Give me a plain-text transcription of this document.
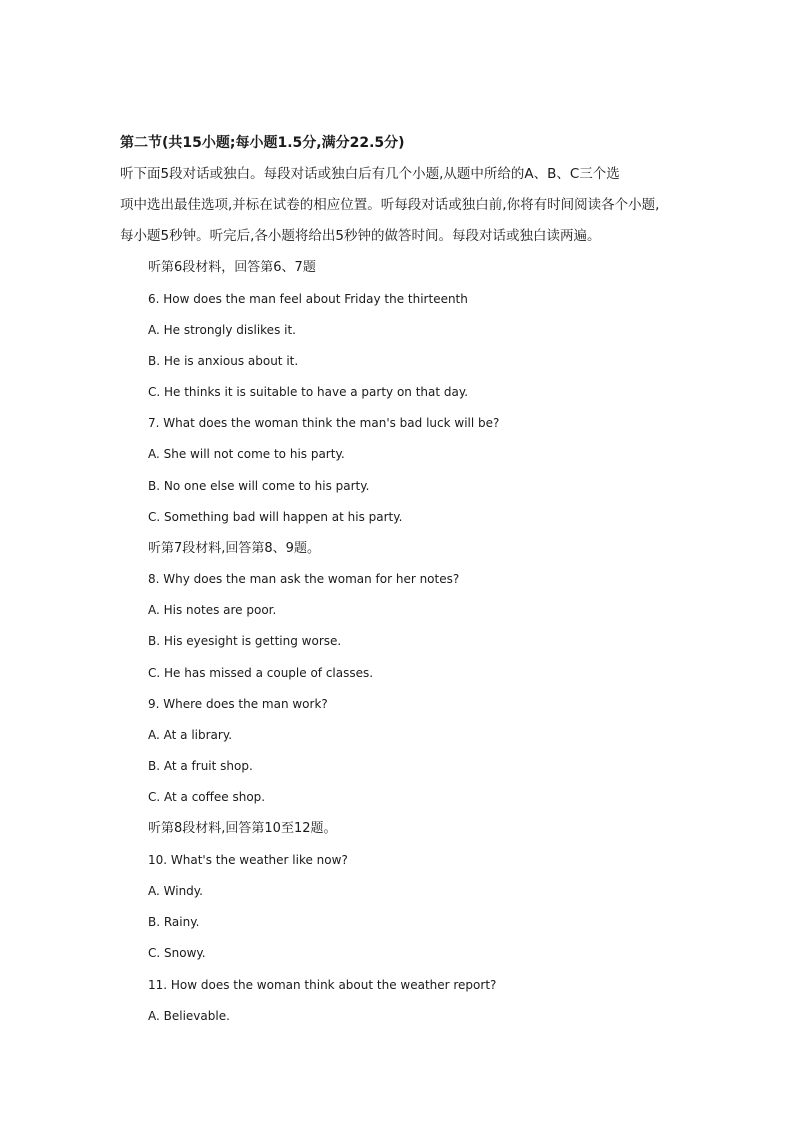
第二节(共15小题;每小题1.5分,满分22.5分)
听下面5段对话或独白。每段对话或独白后有几个小题,从题中所给的A、B、C三个选
项中选出最佳选项,并标在试卷的相应位置。听每段对话或独白前,你将有时间阅读各个小题,
每小题5秒钟。听完后,各小题将给出5秒钟的做答时间。每段对话或独白读两遍。
听第6段材料，回答第6、7题
6. How does the man feel about Friday the thirteenth
A. He strongly dislikes it.
B. He is anxious about it.
C. He thinks it is suitable to have a party on that day.
7. What does the woman think the man's bad luck will be?
A. She will not come to his party.
B. No one else will come to his party.
C. Something bad will happen at his party.
听第7段材料,回答第8、9题。
8. Why does the man ask the woman for her notes?
A. His notes are poor.
B. His eyesight is getting worse.
C. He has missed a couple of classes.
9. Where does the man work?
A. At a library.
B. At a fruit shop.
C. At a coffee shop.
听第8段材料,回答第10至12题。
10. What's the weather like now?
A. Windy.
B. Rainy.
C. Snowy.
11. How does the woman think about the weather report?
A. Believable.
